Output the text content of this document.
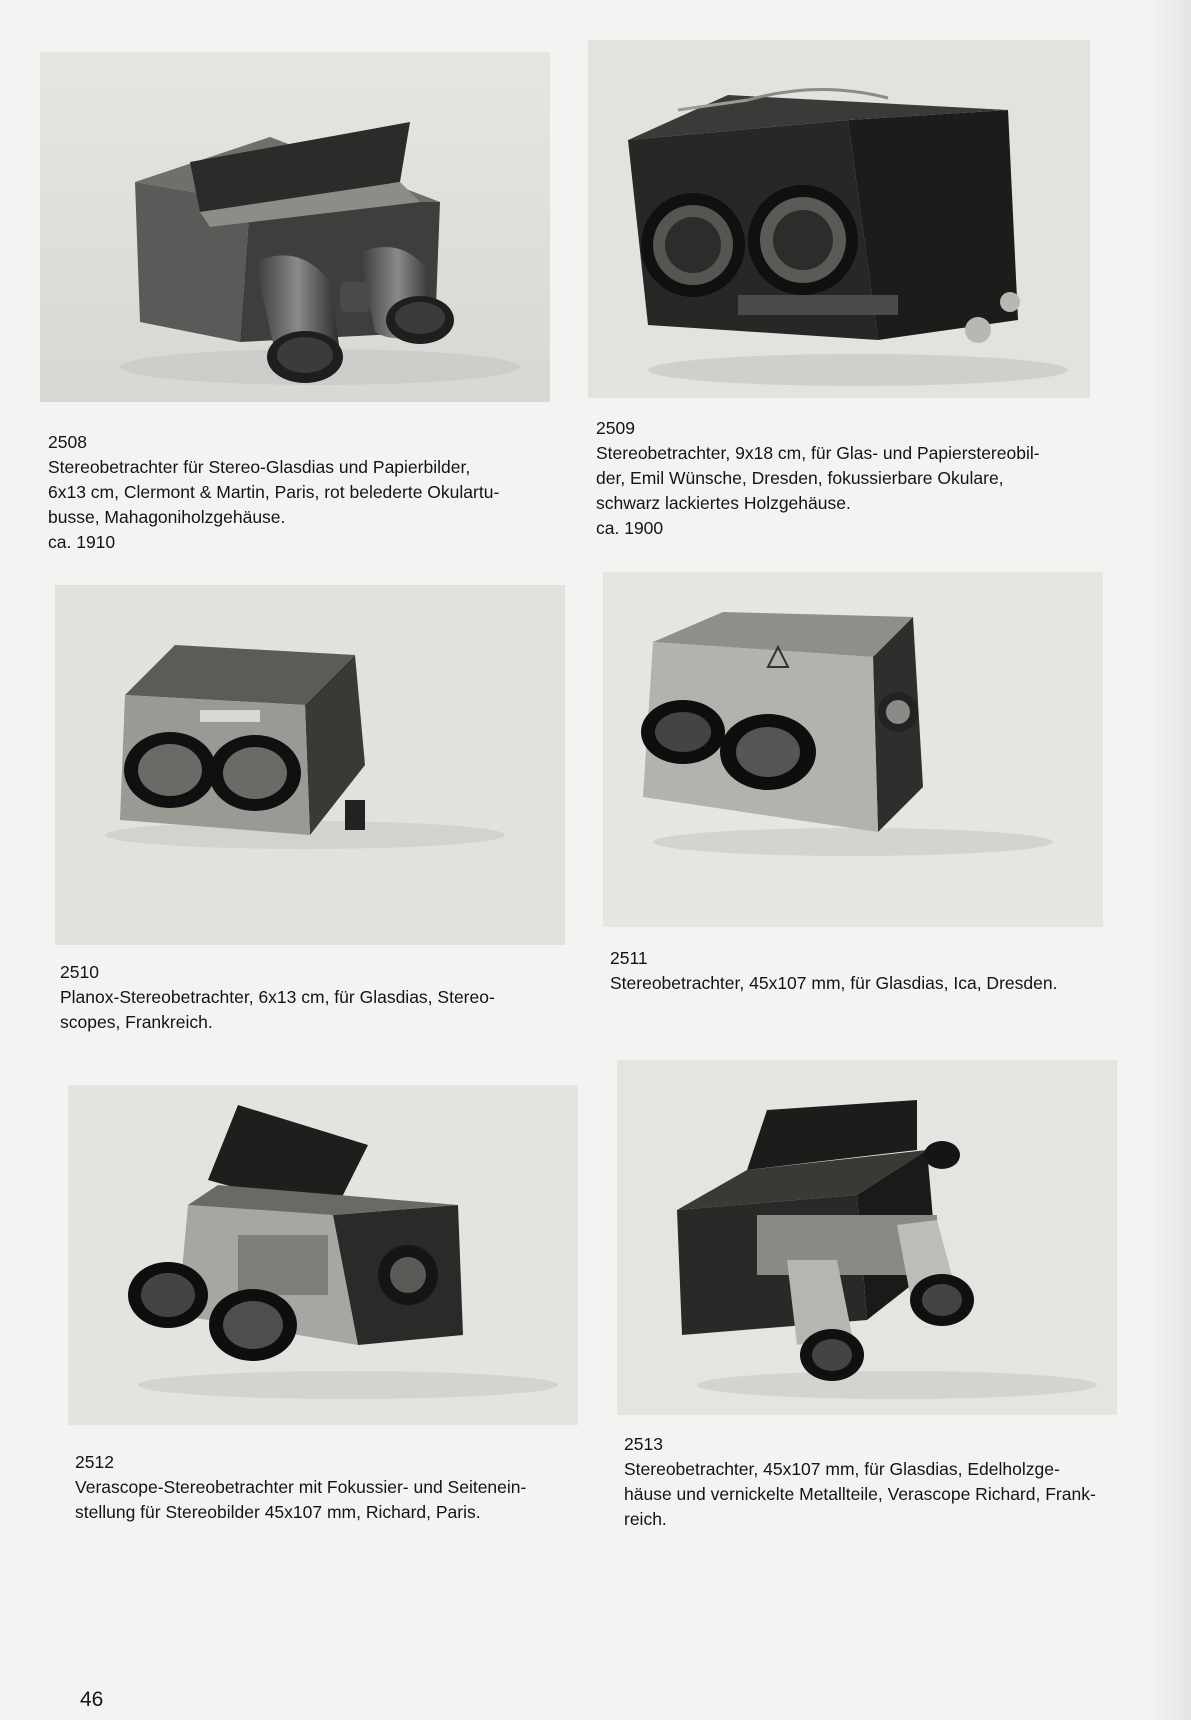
2508

Stereobetrachter für Stereo-Glasdias und Papierbilder,

6x13 cm, Clermont & Martin, Paris, rot belederte Okulartu-

busse, Mahagoniholzgehäuse.

ca. 1910

2509

Stereobetrachter, 9x18 cm, für Glas- und Papierstereobil-

der, Emil Wünsche, Dresden, fokussierbare Okulare,

schwarz lackiertes Holzgehäuse.

ca. 1900

2510

Planox-Stereobetrachter, 6x13 cm, für Glasdias, Stereo-

scopes, Frankreich.

2511

Stereobetrachter, 45x107 mm, für Glasdias, Ica, Dresden.

2512

Verascope-Stereobetrachter mit Fokussier- und Seitenein-

stellung für Stereobilder 45x107 mm, Richard, Paris.

2513

Stereobetrachter, 45x107 mm, für Glasdias, Edelholzge-

häuse und vernickelte Metallteile, Verascope Richard, Frank-

reich.

46
